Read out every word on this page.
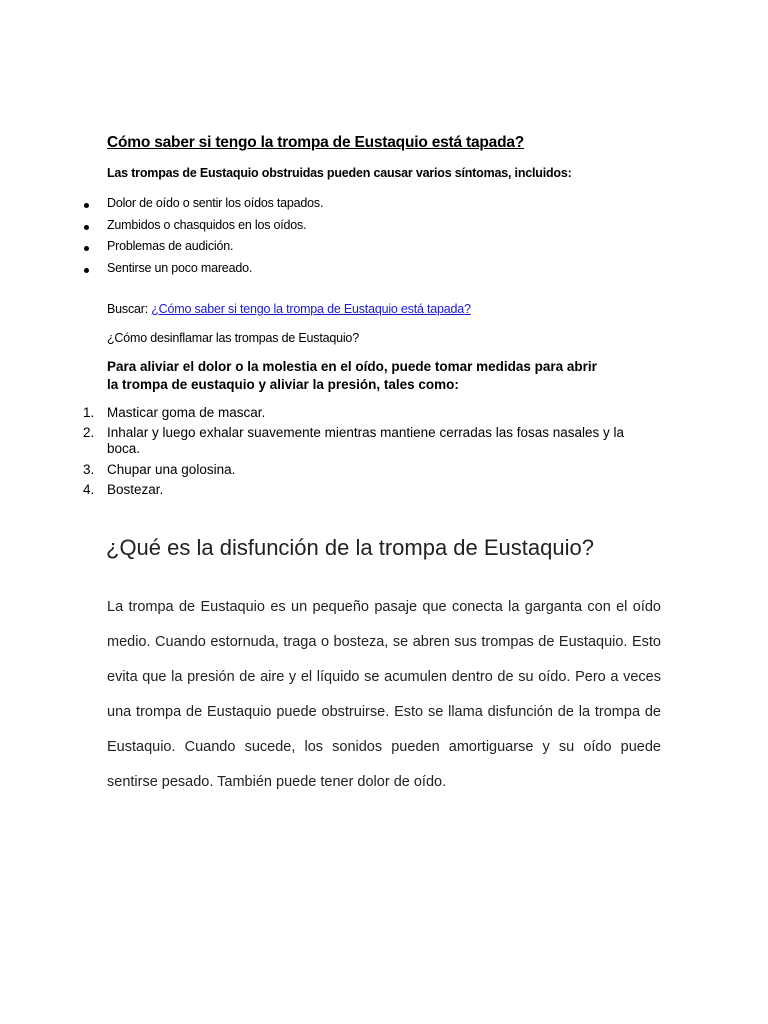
Cómo saber si tengo la trompa de Eustaquio está tapada?
Las trompas de Eustaquio obstruidas pueden causar varios síntomas, incluidos:
Dolor de oído o sentir los oídos tapados.
Zumbidos o chasquidos en los oídos.
Problemas de audición.
Sentirse un poco mareado.
Buscar: ¿Cómo saber si tengo la trompa de Eustaquio está tapada?
¿Cómo desinflamar las trompas de Eustaquio?
Para aliviar el dolor o la molestia en el oído, puede tomar medidas para abrir
la trompa de eustaquio y aliviar la presión, tales como:
1. Masticar goma de mascar.
2. Inhalar y luego exhalar suavemente mientras mantiene cerradas las fosas nasales y la boca.
3. Chupar una golosina.
4. Bostezar.
¿Qué es la disfunción de la trompa de Eustaquio?
La trompa de Eustaquio es un pequeño pasaje que conecta la garganta con el oído medio. Cuando estornuda, traga o bosteza, se abren sus trompas de Eustaquio. Esto evita que la presión de aire y el líquido se acumulen dentro de su oído. Pero a veces una trompa de Eustaquio puede obstruirse. Esto se llama disfunción de la trompa de Eustaquio. Cuando sucede, los sonidos pueden amortiguarse y su oído puede sentirse pesado. También puede tener dolor de oído.
